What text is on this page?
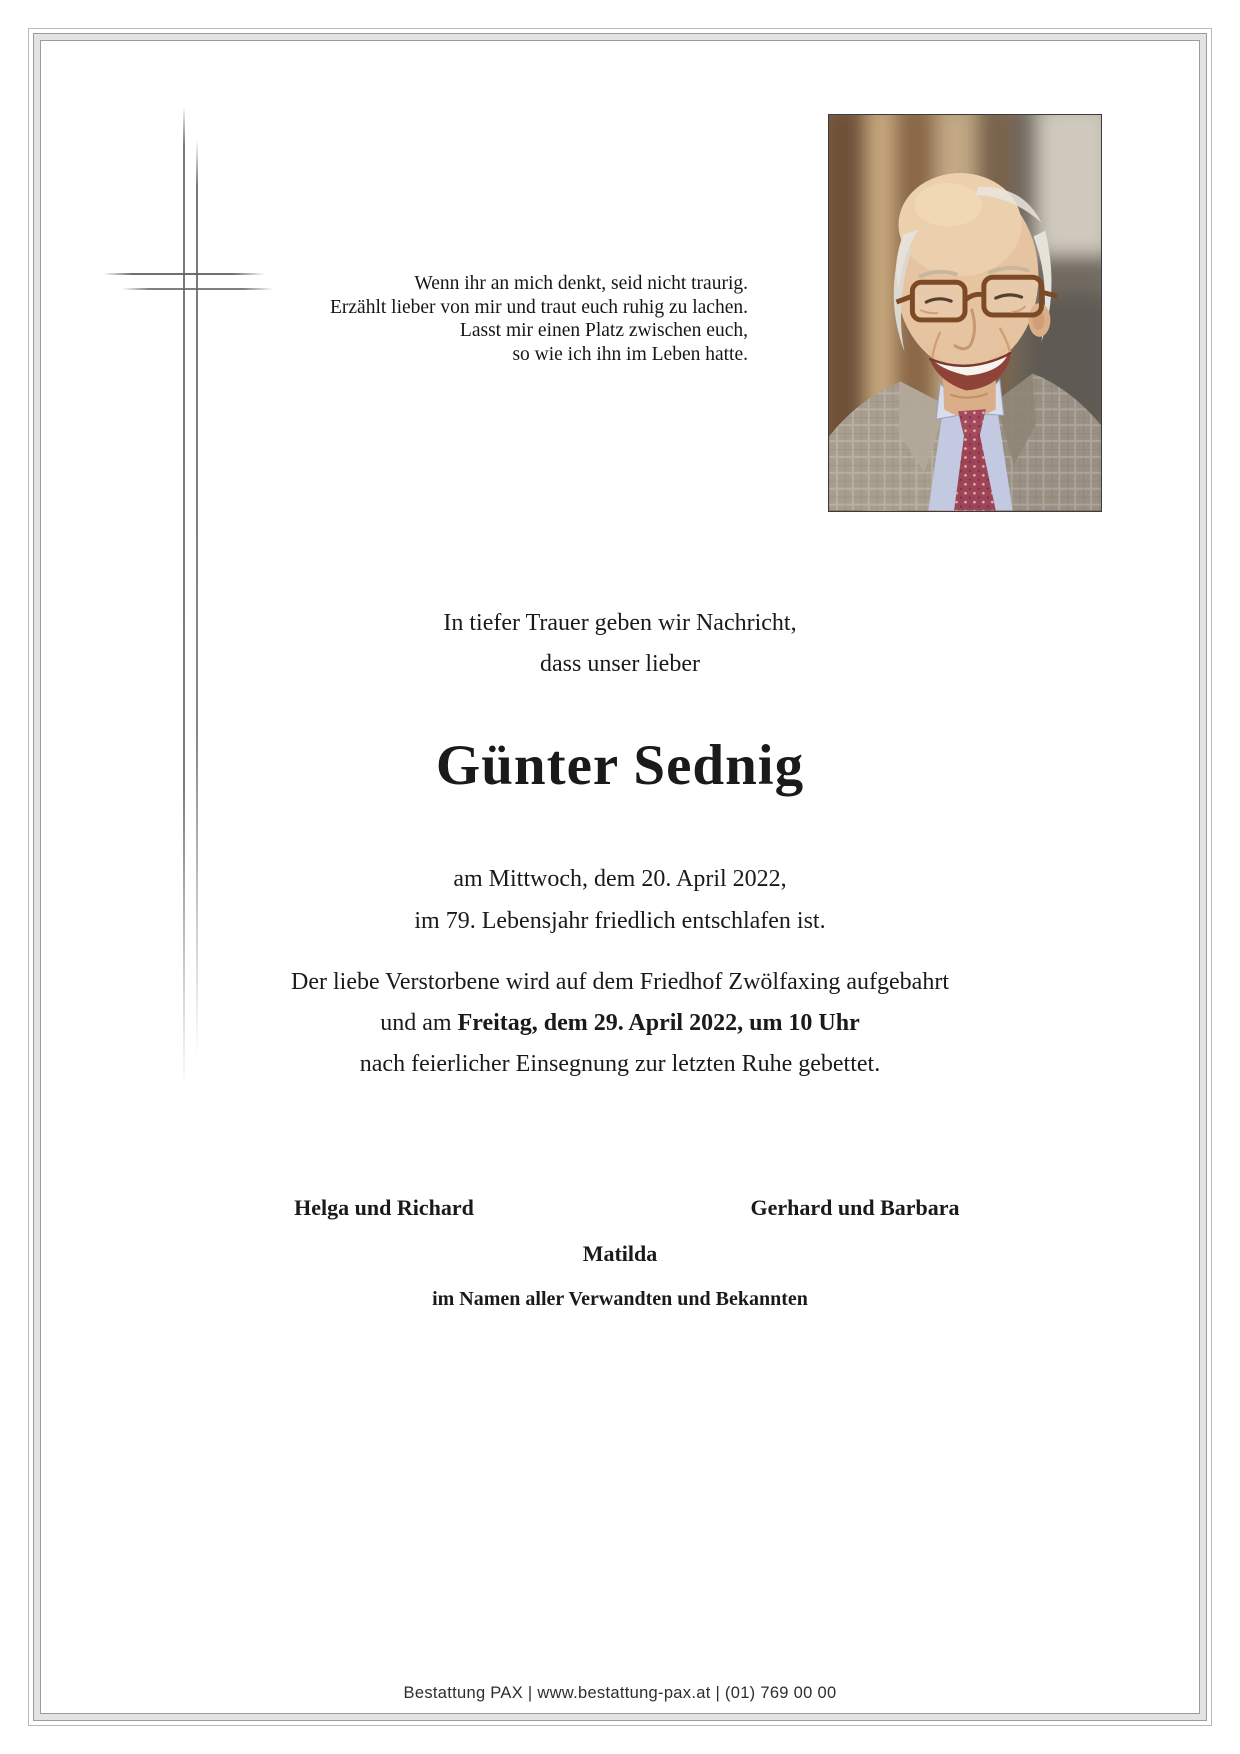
Wenn ihr an mich denkt, seid nicht traurig.
Erzählt lieber von mir und traut euch ruhig zu lachen.
Lasst mir einen Platz zwischen euch,
so wie ich ihn im Leben hatte.
In tiefer Trauer geben wir Nachricht,
dass unser lieber
Günter Sednig
am Mittwoch, dem 20. April 2022,
im 79. Lebensjahr friedlich entschlafen ist.
Der liebe Verstorbene wird auf dem Friedhof Zwölfaxing aufgebahrt
und am Freitag, dem 29. April 2022, um 10 Uhr
nach feierlicher Einsegnung zur letzten Ruhe gebettet.
Helga und Richard	Gerhard und Barbara
Matilda
im Namen aller Verwandten und Bekannten
Bestattung PAX | www.bestattung-pax.at | (01) 769 00 00
